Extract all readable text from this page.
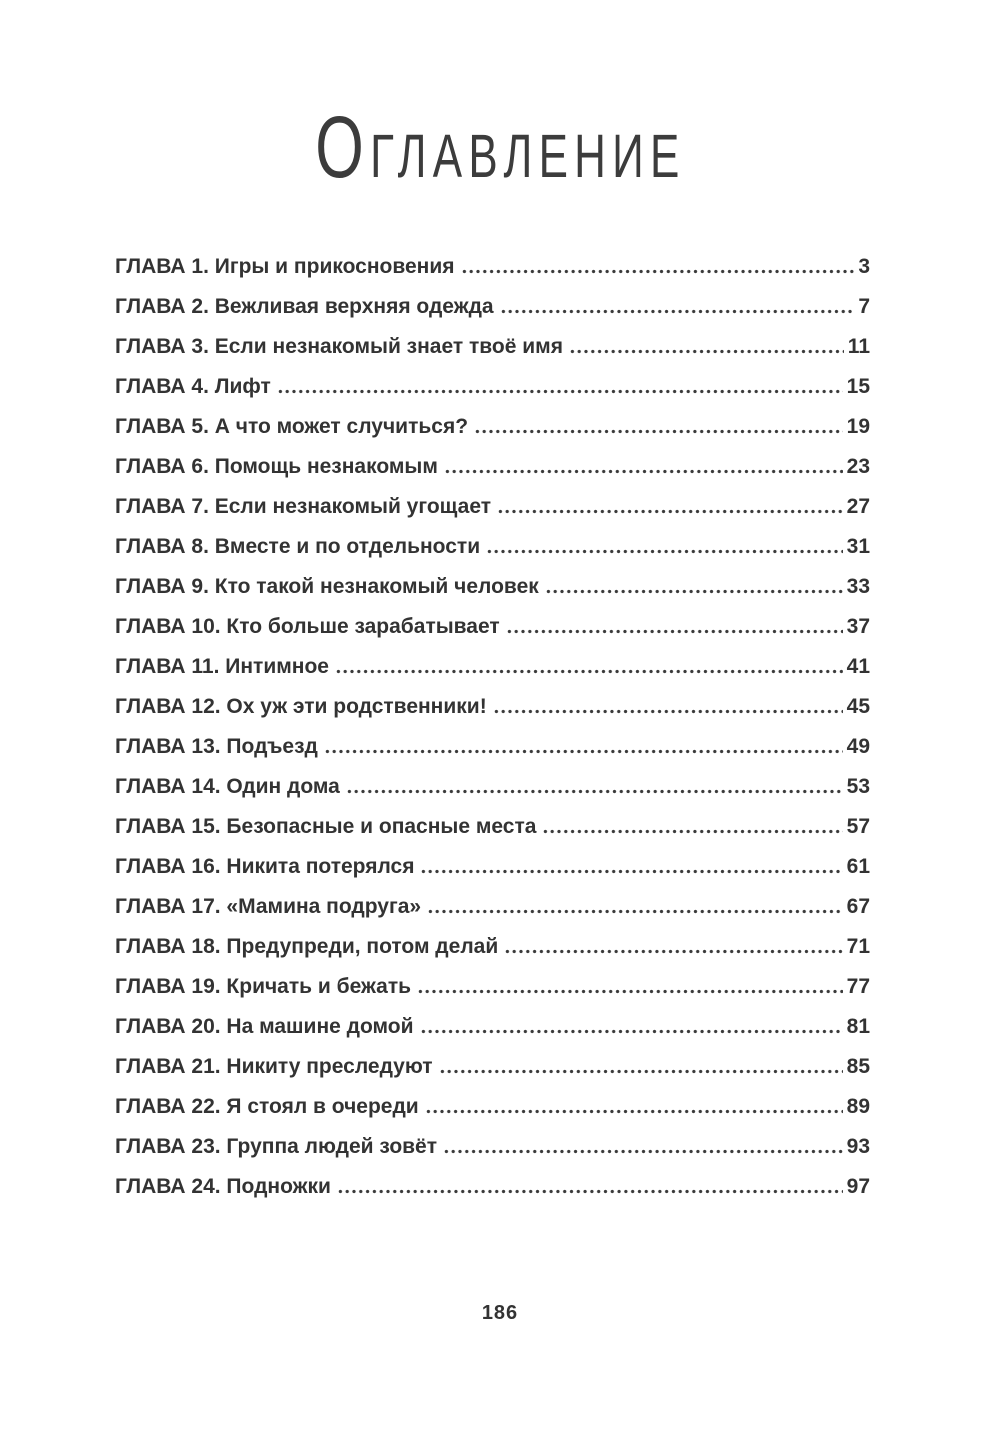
Оглавление
ГЛАВА 1. Игры и прикосновения	3
ГЛАВА 2. Вежливая верхняя одежда	7
ГЛАВА 3. Если незнакомый знает твоё имя	11
ГЛАВА 4. Лифт	15
ГЛАВА 5. А что может случиться?	19
ГЛАВА 6. Помощь незнакомым	23
ГЛАВА 7. Если незнакомый угощает	27
ГЛАВА 8. Вместе и по отдельности	31
ГЛАВА 9. Кто такой незнакомый человек	33
ГЛАВА 10. Кто больше зарабатывает	37
ГЛАВА 11. Интимное	41
ГЛАВА 12. Ох уж эти родственники!	45
ГЛАВА 13. Подъезд	49
ГЛАВА 14. Один дома	53
ГЛАВА 15. Безопасные и опасные места	57
ГЛАВА 16. Никита потерялся	61
ГЛАВА 17. «Мамина подруга»	67
ГЛАВА 18. Предупреди, потом делай	71
ГЛАВА 19. Кричать и бежать	77
ГЛАВА 20. На машине домой	81
ГЛАВА 21. Никиту преследуют	85
ГЛАВА 22. Я стоял в очереди	89
ГЛАВА 23. Группа людей зовёт	93
ГЛАВА 24. Подножки	97
186
